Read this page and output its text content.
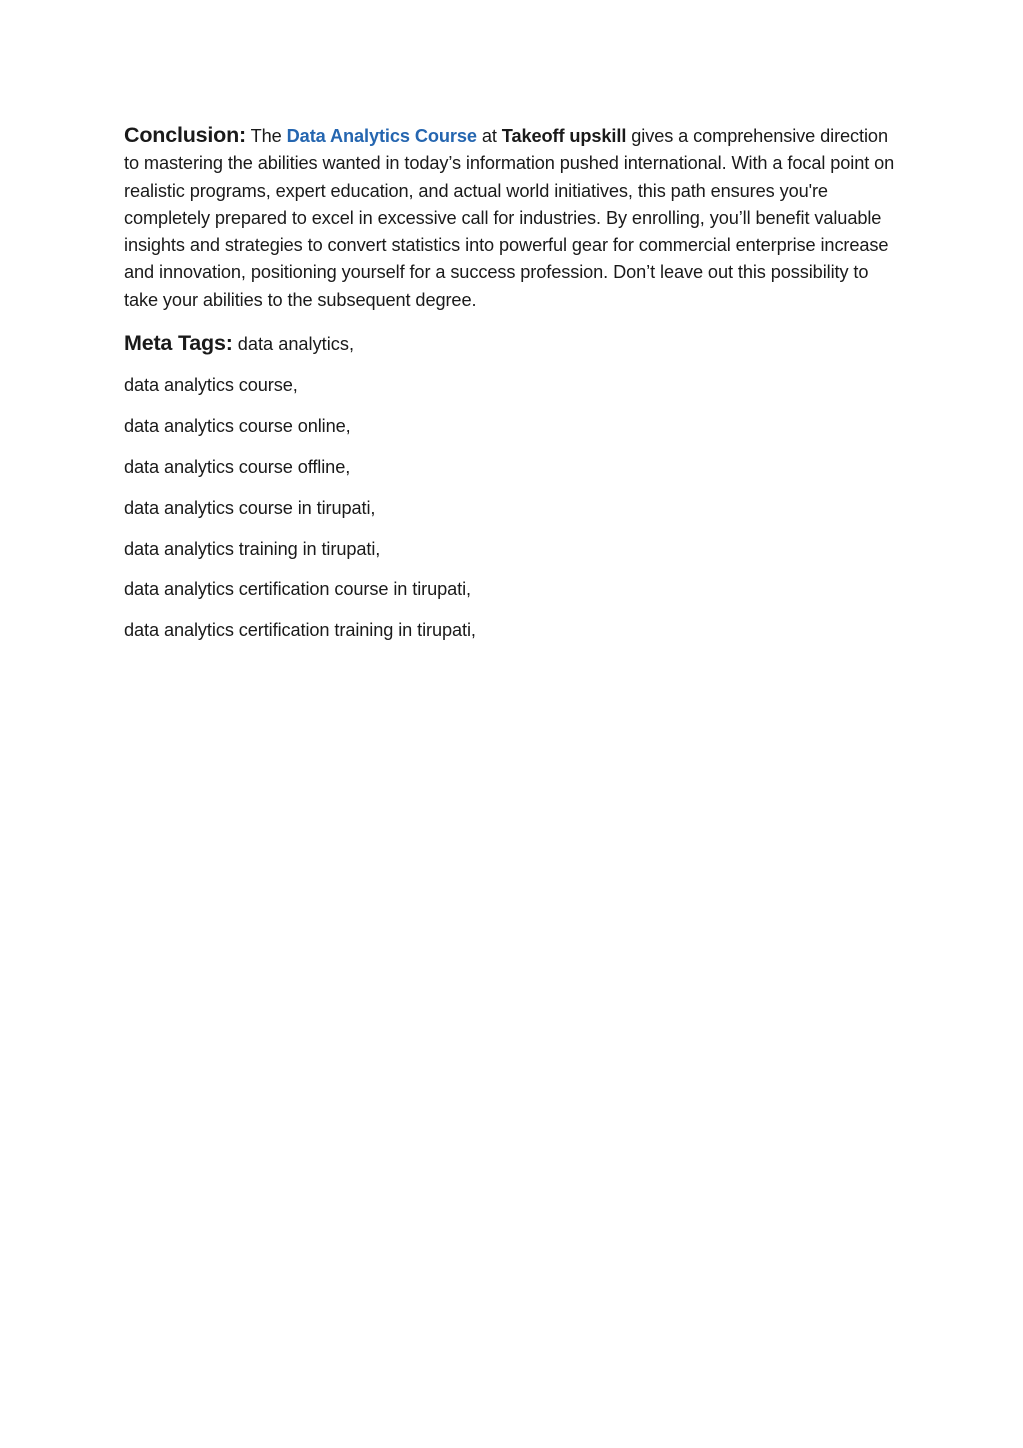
Conclusion: The Data Analytics Course at Takeoff upskill gives a comprehensive direction to mastering the abilities wanted in today’s information pushed international. With a focal point on realistic programs, expert education, and actual world initiatives, this path ensures you're completely prepared to excel in excessive call for industries. By enrolling, you’ll benefit valuable insights and strategies to convert statistics into powerful gear for commercial enterprise increase and innovation, positioning yourself for a success profession. Don’t leave out this possibility to take your abilities to the subsequent degree.

Meta Tags: data analytics,

data analytics course,
data analytics course online,
data analytics course offline,
data analytics course in tirupati,
data analytics training in tirupati,
data analytics certification course in tirupati,
data analytics certification training in tirupati,
